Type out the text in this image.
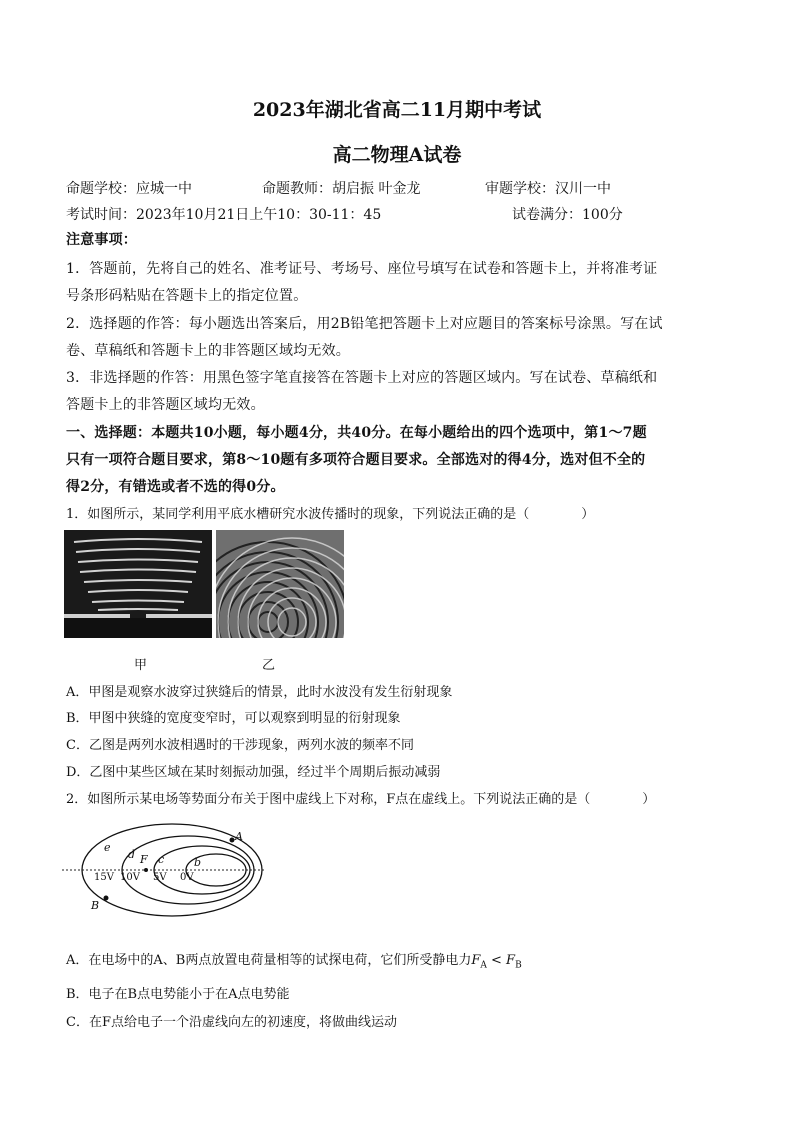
2023年湖北省高二11月期中考试
高二物理A试卷
命题学校：应城一中	命题教师：胡启振 叶金龙	审题学校：汉川一中
考试时间：2023年10月21日上午10：30-11：45	试卷满分：100分
注意事项：
1．答题前，先将自己的姓名、准考证号、考场号、座位号填写在试卷和答题卡上，并将准考证
号条形码粘贴在答题卡上的指定位置。
2．选择题的作答：每小题选出答案后，用2B铅笔把答题卡上对应题目的答案标号涂黑。写在试
卷、草稿纸和答题卡上的非答题区域均无效。
3．非选择题的作答：用黑色签字笔直接答在答题卡上对应的答题区域内。写在试卷、草稿纸和
答题卡上的非答题区域均无效。
一、选择题：本题共10小题，每小题4分，共40分。在每小题给出的四个选项中，第1～7题
只有一项符合题目要求，第8～10题有多项符合题目要求。全部选对的得4分，选对但不全的
得2分，有错选或者不选的得0分。
1．如图所示，某同学利用平底水槽研究水波传播时的现象，下列说法正确的是（　　　　）
甲	乙
A．甲图是观察水波穿过狭缝后的情景，此时水波没有发生衍射现象
B．甲图中狭缝的宽度变窄时，可以观察到明显的衍射现象
C．乙图是两列水波相遇时的干涉现象，两列水波的频率不同
D．乙图中某些区域在某时刻振动加强，经过半个周期后振动减弱
2．如图所示某电场等势面分布关于图中虚线上下对称，F点在虚线上。下列说法正确的是（　　　　）
A
B
F
e
d c	b
15V 10V 5V 0V
A．在电场中的A、B两点放置电荷量相等的试探电荷，它们所受静电力$F_A < F_B$
B．电子在B点电势能小于在A点电势能
C．在F点给电子一个沿虚线向左的初速度，将做曲线运动
